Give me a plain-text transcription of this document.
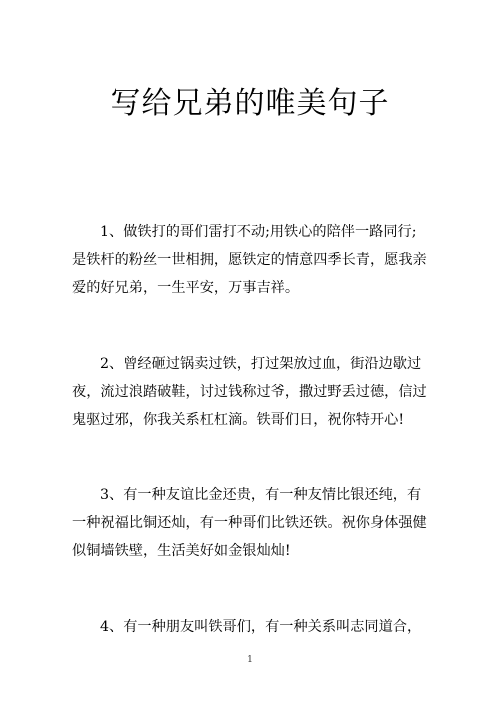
写给兄弟的唯美句子
1、做铁打的哥们雷打不动;用铁心的陪伴一路同行;
是铁杆的粉丝一世相拥，愿铁定的情意四季长青，愿我亲
爱的好兄弟，一生平安，万事吉祥。
2、曾经砸过锅卖过铁，打过架放过血，街沿边歇过
夜，流过浪踏破鞋，讨过钱称过爷，撒过野丢过德，信过
鬼驱过邪，你我关系杠杠滴。铁哥们日，祝你特开心!
3、有一种友谊比金还贵，有一种友情比银还纯，有
一种祝福比铜还灿，有一种哥们比铁还铁。祝你身体强健
似铜墙铁壁，生活美好如金银灿灿!
4、有一种朋友叫铁哥们，有一种关系叫志同道合，
1
